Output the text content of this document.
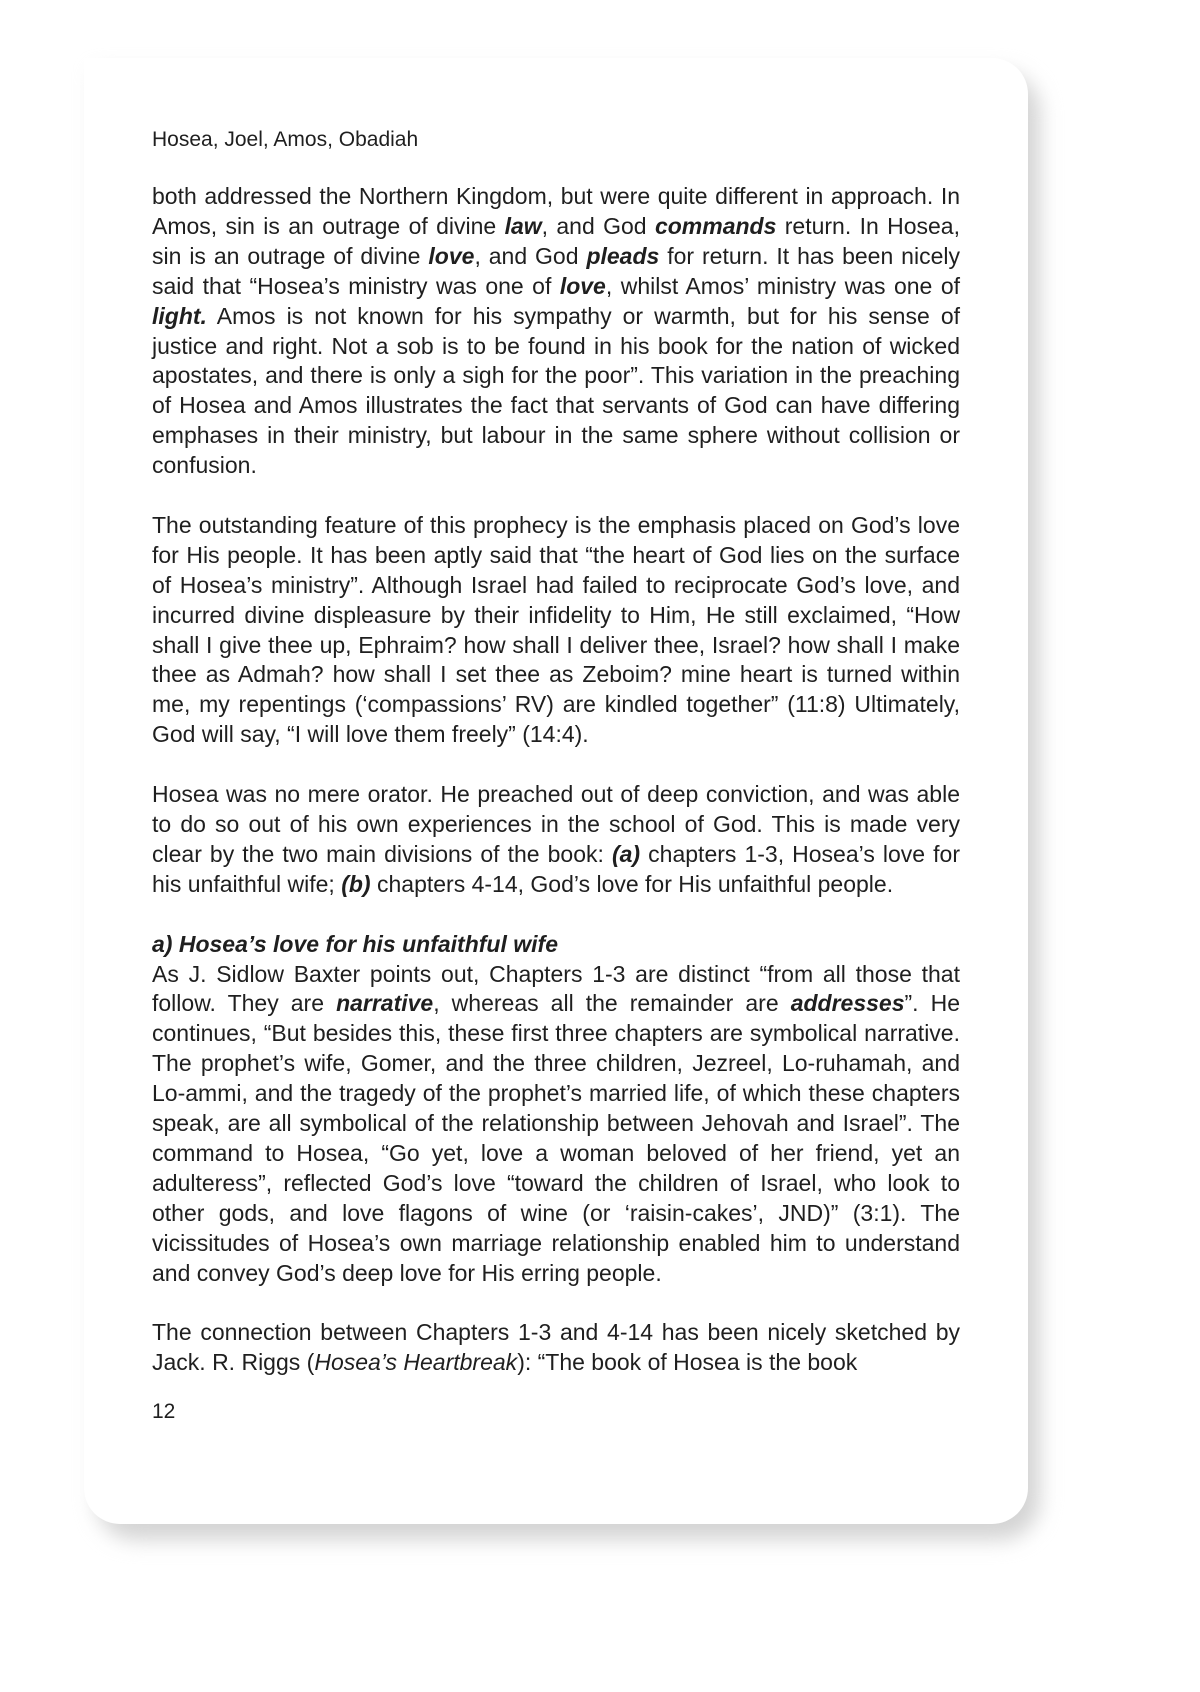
Hosea, Joel, Amos, Obadiah

both addressed the Northern Kingdom, but were quite different in approach. In Amos, sin is an outrage of divine law, and God commands return. In Hosea, sin is an outrage of divine love, and God pleads for return. It has been nicely said that “Hosea’s ministry was one of love, whilst Amos’ ministry was one of light. Amos is not known for his sympathy or warmth, but for his sense of justice and right. Not a sob is to be found in his book for the nation of wicked apostates, and there is only a sigh for the poor”. This variation in the preaching of Hosea and Amos illustrates the fact that servants of God can have differing emphases in their ministry, but labour in the same sphere without collision or confusion.

The outstanding feature of this prophecy is the emphasis placed on God’s love for His people. It has been aptly said that “the heart of God lies on the surface of Hosea’s ministry”. Although Israel had failed to reciprocate God’s love, and incurred divine displeasure by their infidelity to Him, He still exclaimed, “How shall I give thee up, Ephraim? how shall I deliver thee, Israel? how shall I make thee as Admah? how shall I set thee as Zeboim? mine heart is turned within me, my repentings (‘compassions’ RV) are kindled together” (11:8) Ultimately, God will say, “I will love them freely” (14:4).

Hosea was no mere orator. He preached out of deep conviction, and was able to do so out of his own experiences in the school of God. This is made very clear by the two main divisions of the book: (a) chapters 1-3, Hosea’s love for his unfaithful wife; (b) chapters 4-14, God’s love for His unfaithful people.

a) Hosea’s love for his unfaithful wife
As J. Sidlow Baxter points out, Chapters 1-3 are distinct “from all those that follow. They are narrative, whereas all the remainder are addresses”. He continues, “But besides this, these first three chapters are symbolical narrative. The prophet’s wife, Gomer, and the three children, Jezreel, Lo-ruhamah, and Lo-ammi, and the tragedy of the prophet’s married life, of which these chapters speak, are all symbolical of the relationship between Jehovah and Israel”. The command to Hosea, “Go yet, love a woman beloved of her friend, yet an adulteress”, reflected God’s love “toward the children of Israel, who look to other gods, and love flagons of wine (or ‘raisin-cakes’, JND)” (3:1). The vicissitudes of Hosea’s own marriage relationship enabled him to understand and convey God’s deep love for His erring people.

The connection between Chapters 1-3 and 4-14 has been nicely sketched by Jack. R. Riggs (Hosea’s Heartbreak): “The book of Hosea is the book

12
